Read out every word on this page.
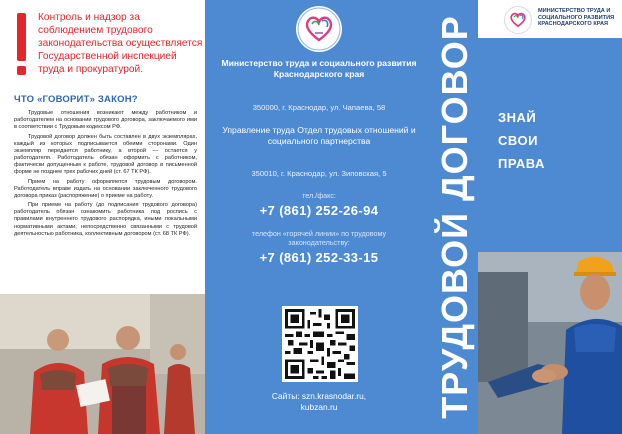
Контроль и надзор за соблюдением трудового законодательства осуществляется Государственной инспекцией труда и прокуратурой.
ЧТО «ГОВОРИТ» ЗАКОН?

Трудовые отношения возникают между работником и работодателем на основании трудового договора, заключаемого ими в соответствии с Трудовым кодексом РФ.

Трудовой договор должен быть составлен в двух экземплярах, каждый из которых подписывается обеими сторонами. Один экземпляр передается работнику, а второй — остается у работодателя. Работодатель обязан оформить с работником, фактически допущенным к работе, трудовой договор в письменной форме не позднее трех рабочих дней (ст. 67 ТК РФ).

Прием на работу оформляется трудовым договором. Работодатель вправе издать на основании заключенного трудового договора приказ (распоряжение) о приеме на работу.

При приеме на работу (до подписания трудового договора) работодатель обязан ознакомить работника под роспись с правилами внутреннего трудового распорядка, иными локальными нормативными актами, непосредственно связанными с трудовой деятельностью работника, коллективным договором (ст. 68 ТК РФ).

Министерство труда и социального развития Краснодарского края
350000, г. Краснодар, ул. Чапаева, 58
Управление труда Отдел трудовых отношений и социального партнерства
350010, г. Краснодар, ул. Зиповская, 5
тел./факс:
+7 (861) 252-26-94
телефон «горячей линии» по трудовому законодательству:
+7 (861) 252-33-15
Сайты: szn.krasnodar.ru, kubzan.ru	ТРУДОВОЙ ДОГОВОР
МИНИСТЕРСТВО ТРУДА И СОЦИАЛЬНОГО РАЗВИТИЯ КРАСНОДАРСКОГО КРАЯ
ЗНАЙ
СВОИ
ПРАВА
